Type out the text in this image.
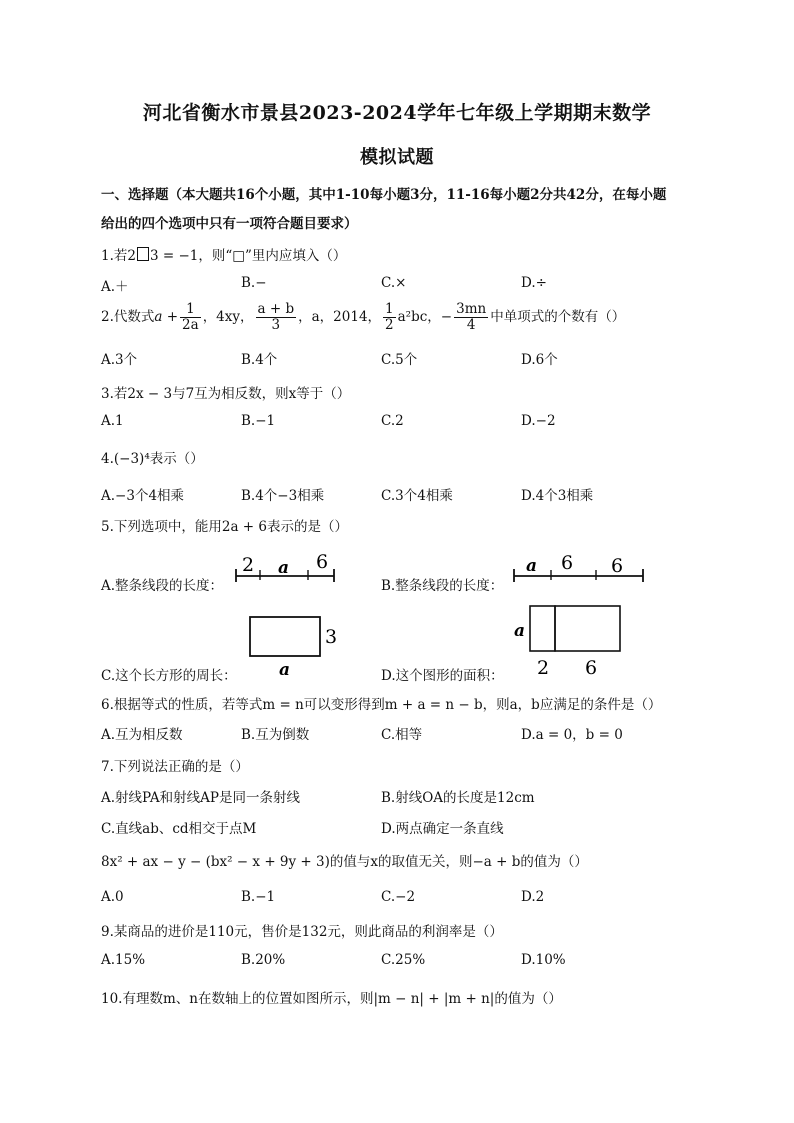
河北省衡水市景县2023-2024学年七年级上学期期末数学
模拟试题
一、选择题（本大题共16个小题，其中1-10每小题3分，11-16每小题2分共42分，在每小题
给出的四个选项中只有一项符合题目要求）
1.若2 3 = −1，则“□”里内应填入（）
A.＋	B.−	C.×	D.÷
2.代数式$a + \frac{1}{2a}$ ，4xy， $\frac{a + b}{3}$ ，a，2014， $\frac{1}{2} a^2bc$，− $\frac{3mn}{4}$ 中单项式的个数有（）
A.3个	B.4个	C.5个	D.6个
3.若2x − 3与7互为相反数，则x等于（）
A.1	B.−1	C.2	D.−2
4.(−3)⁴表示（）
A.−3个4相乘	B.4个−3相乘	C.3个4相乘	D.4个3相乘
5.下列选项中，能用2a + 6表示的是（）
A.整条线段的长度：	B.整条线段的长度：
2 a 6	a 6 6
3
a
C.这个长方形的周长：	D.这个图形的面积：
a
2 6
6.根据等式的性质，若等式m = n可以变形得到m + a = n − b，则a，b应满足的条件是（）
A.互为相反数	B.互为倒数	C.相等	D.a = 0，b = 0
7.下列说法正确的是（）
A.射线PA和射线AP是同一条射线	B.射线OA的长度是12cm
C.直线ab、cd相交于点M	D.两点确定一条直线
8x² + ax − y − (bx² − x + 9y + 3)的值与x的取值无关，则−a + b的值为（）
A.0	B.−1	C.−2	D.2
9.某商品的进价是110元，售价是132元，则此商品的利润率是（）
A.15%	B.20%	C.25%	D.10%
10.有理数m、n在数轴上的位置如图所示，则|m − n| + |m + n|的值为（）
